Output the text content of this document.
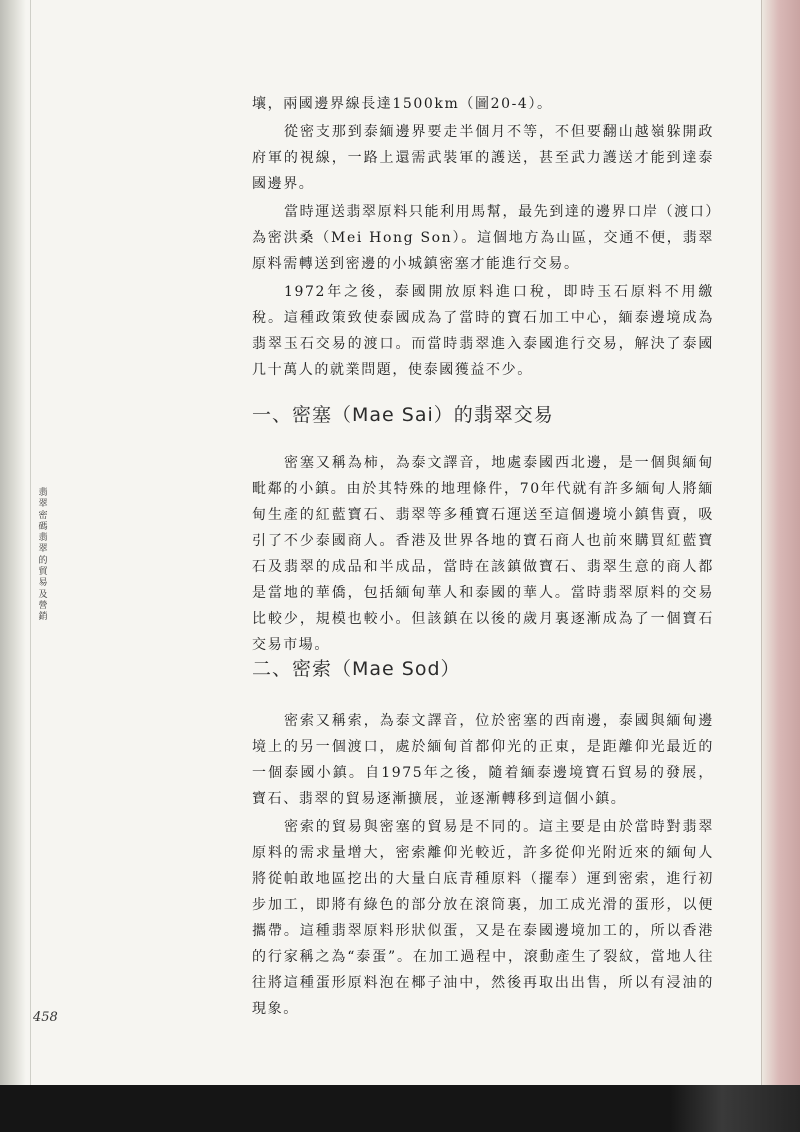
翡翠密碼 翡翠的貿易及營銷

壤，兩國邊界線長達1500km（圖20-4）。

從密支那到泰緬邊界要走半個月不等，不但要翻山越嶺躲開政府軍的視線，一路上還需武裝軍的護送，甚至武力護送才能到達泰國邊界。

當時運送翡翠原料只能利用馬幫，最先到達的邊界口岸（渡口）為密洪桑（Mei Hong Son）。這個地方為山區，交通不便，翡翠原料需轉送到密邊的小城鎮密塞才能進行交易。

1972年之後，泰國開放原料進口稅，即時玉石原料不用繳稅。這種政策致使泰國成為了當時的寶石加工中心，緬泰邊境成為翡翠玉石交易的渡口。而當時翡翠進入泰國進行交易，解決了泰國几十萬人的就業問題，使泰國獲益不少。

一、密塞（Mae Sai）的翡翠交易

密塞又稱為柿，為泰文譯音，地處泰國西北邊，是一個與緬甸毗鄰的小鎮。由於其特殊的地理條件，70年代就有許多緬甸人將緬甸生產的紅藍寶石、翡翠等多種寶石運送至這個邊境小鎮售賣，吸引了不少泰國商人。香港及世界各地的寶石商人也前來購買紅藍寶石及翡翠的成品和半成品，當時在該鎮做寶石、翡翠生意的商人都是當地的華僑，包括緬甸華人和泰國的華人。當時翡翠原料的交易比較少，規模也較小。但該鎮在以後的歲月裏逐漸成為了一個寶石交易市場。

二、密索（Mae Sod）

密索又稱索，為泰文譯音，位於密塞的西南邊，泰國與緬甸邊境上的另一個渡口，處於緬甸首都仰光的正東，是距離仰光最近的一個泰國小鎮。自1975年之後，隨着緬泰邊境寶石貿易的發展，寶石、翡翠的貿易逐漸擴展，並逐漸轉移到這個小鎮。

密索的貿易與密塞的貿易是不同的。這主要是由於當時對翡翠原料的需求量增大，密索離仰光較近，許多從仰光附近來的緬甸人將從帕敢地區挖出的大量白底青種原料（擺奉）運到密索，進行初步加工，即將有綠色的部分放在滾筒裏，加工成光滑的蛋形，以便攜帶。這種翡翠原料形狀似蛋，又是在泰國邊境加工的，所以香港的行家稱之為“泰蛋”。在加工過程中，滾動產生了裂紋，當地人往往將這種蛋形原料泡在椰子油中，然後再取出出售，所以有浸油的現象。

458
